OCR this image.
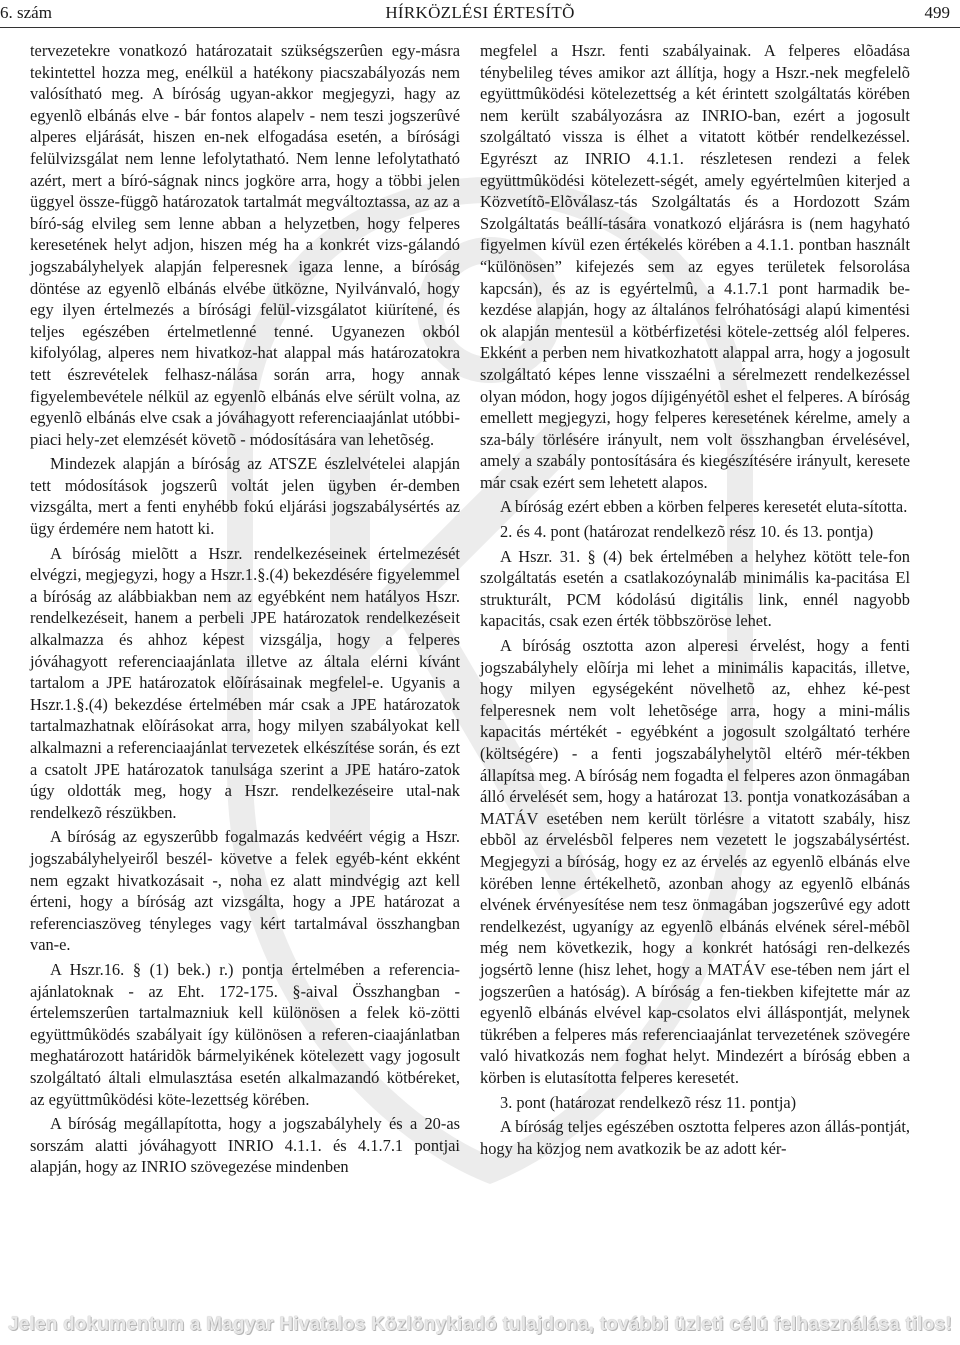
6. szám	HÍRKÖZLÉSI ÉRTESÍTÕ	499

tervezetekre vonatkozó határozatait szükségszerûen egy-másra tekintettel hozza meg, enélkül a hatékony piacszabályozás nem valósítható meg. A bíróság ugyan-akkor megjegyzi, hagy az egyenlõ elbánás elve - bár fontos alapelv - nem teszi jogszerûvé alperes eljárását, hiszen en-nek elfogadása esetén, a bírósági felülvizsgálat nem lenne lefolytatható. Nem lenne lefolytatható azért, mert a bíró-ságnak nincs jogköre arra, hogy a többi jelen üggyel össze-függõ határozatok tartalmát megváltoztassa, az az a bíró-ság elvileg sem lenne abban a helyzetben, hogy felperes keresetének helyt adjon, hiszen még ha a konkrét vizs-gálandó jogszabályhelyek alapján felperesnek igaza lenne, a bíróság döntése az egyenlõ elbánás elvébe ütközne, Nyilvánvaló, hogy egy ilyen értelmezés a bírósági felül-vizsgálatot kiürítené, és teljes egészében értelmetlenné tenné. Ugyanezen okból kifolyólag, alperes nem hivatkoz-hat alappal más határozatokra tett észrevételek felhasz-nálása során arra, hogy annak figyelembevétele nélkül az egyenlõ elbánás elve sérült volna, az egyenlõ elbánás elve csak a jóváhagyott referenciaajánlat utóbbi- piaci hely-zet elemzését követõ - módosítására van lehetõség.

Mindezek alapján a bíróság az ATSZE észlelvételei alapján tett módosítások jogszerû voltát jelen ügyben ér-demben vizsgálta, mert a fenti enyhébb fokú eljárási jogszabálysértés az ügy érdemére nem hatott ki.

A bíróság mielõtt a Hszr. rendelkezéseinek értelmezését elvégzi, megjegyzi, hogy a Hszr.1.§.(4) bekezdésére figyelemmel a bíróság az alábbiakban nem az egyébként nem hatályos Hszr. rendelkezéseit, hanem a perbeli JPE határozatok rendelkezéseit alkalmazza és ahhoz képest vizsgálja, hogy a felperes jóváhagyott referenciaajánlata illetve az általa elérni kívánt tartalom a JPE határozatok elõírásainak megfelel-e. Ugyanis a Hszr.1.§.(4) bekezdése értelmében már csak a JPE határozatok tartalmazhatnak elõírásokat arra, hogy milyen szabályokat kell alkalmazni a referenciaajánlat tervezetek elkészítése során, és ezt a csatolt JPE határozatok tanulsága szerint a JPE határo-zatok úgy oldották meg, hogy a Hszr. rendelkezéseire utal-nak rendelkezõ részükben.

A bíróság az egyszerûbb fogalmazás kedvéért végig a Hszr. jogszabályhelyeiről beszél- követve a felek egyéb-ként ekként nem egzakt hivatkozásait -, noha ez alatt mindvégig azt kell érteni, hogy a bíróság azt vizsgálta, hogy a JPE határozat a referenciaszöveg tényleges vagy kért tartalmával összhangban van-e.

A Hszr.16. § (1) bek.) r.) pontja értelmében a referencia-ajánlatoknak - az Eht. 172-175. §-aival Összhangban - értelemszerûen tartalmazniuk kell különösen a felek kö-zötti együttmûködés szabályait így különösen a referen-ciaajánlatban meghatározott határidõk bármelyikének kötelezett vagy jogosult szolgáltató általi elmulasztása esetén alkalmazandó kötbéreket, az együttmûködési köte-lezettség körében.

A bíróság megállapította, hogy a jogszabályhely és a 20-as sorszám alatti jóváhagyott INRIO 4.1.1. és 4.1.7.1 pontjai alapján, hogy az INRIO szövegezése mindenben

megfelel a Hszr. fenti szabályainak. A felperes elõadása ténybelileg téves amikor azt állítja, hogy a Hszr.-nek megfelelõ együttmûködési kötelezettség a két érintett szolgáltatás körében nem került szabályozásra az INRIO-ban, ezért a jogosult szolgáltató vissza is élhet a vitatott kötbér rendelkezéssel. Egyrészt az INRIO 4.1.1. részletesen rendezi a felek együttmûködési kötelezett-ségét, amely egyértelmûen kiterjed a Közvetítõ-Elõválasz-tás Szolgáltatás és a Hordozott Szám Szolgáltatás beállí-tására vonatkozó eljárásra is (nem hagyható figyelmen kívül ezen értékelés körében a 4.1.1. pontban használt “különösen” kifejezés sem az egyes területek felsorolása kapcsán), és az is egyértelmû, a 4.1.7.1 pont harmadik be-kezdése alapján, hogy az általános felróhatósági alapú kimentési ok alapján mentesül a kötbérfizetési kötele-zettség alól felperes. Ekként a perben nem hivatkozhatott alappal arra, hogy a jogosult szolgáltató képes lenne visszaélni a sérelmezett rendelkezéssel olyan módon, hogy jogos díjigényétõl eshet el felperes. A bíróság emellett megjegyzi, hogy felperes keresetének kérelme, amely a sza-bály törlésére irányult, nem volt összhangban érvelésével, amely a szabály pontosítására és kiegészítésére irányult, keresete már csak ezért sem lehetett alapos.

A bíróság ezért ebben a körben felperes keresetét eluta-sította.

2. és 4. pont (határozat rendelkezõ rész 10. és 13. pontja)

A Hszr. 31. § (4) bek értelmében a helyhez kötött tele-fon szolgáltatás esetén a csatlakozóynaláb minimális ka-pacitása El strukturált, PCM kódolású digitális link, ennél nagyobb kapacitás, csak ezen érték többszöröse lehet.

A bíróság osztotta azon alperesi érvelést, hogy a fenti jogszabályhely elõírja mi lehet a minimális kapacitás, illetve, hogy milyen egységeként növelhetõ az, ehhez ké-pest felperesnek nem volt lehetõsége arra, hogy a mini-mális kapacitás mértékét - egyébként a jogosult szolgáltató terhére (költségére) - a fenti jogszabályhelytõl eltérõ mér-tékben állapítsa meg. A bíróság nem fogadta el felperes azon önmagában álló érvelését sem, hogy a határozat 13. pontja vonatkozásában a MATÁV esetében nem került törlésre a vitatott szabály, hisz ebbõl az érvelésbõl felperes nem vezetett le jogszabálysértést. Megjegyzi a bíróság, hogy ez az érvelés az egyenlõ elbánás elve körében lenne értékelhetõ, azonban ahogy az egyenlõ elbánás elvének érvényesítése nem tesz önmagában jogszerûvé egy adott rendelkezést, ugyanígy az egyenlõ elbánás elvének sérel-mébõl még nem következik, hogy a konkrét hatósági ren-delkezés jogsértõ lenne (hisz lehet, hogy a MATÁV ese-tében nem járt el jogszerûen a hatóság). A bíróság a fen-tiekben kifejtette már az egyenlõ elbánás elvével kap-csolatos elvi álláspontját, melynek tükrében a felperes más referenciaajánlat tervezetének szövegére való hivatkozás nem foghat helyt. Mindezért a bíróság ebben a körben is elutasította felperes keresetét.

3. pont (határozat rendelkezõ rész 11. pontja)

A bíróság teljes egészében osztotta felperes azon állás-pontját, hogy ha közjog nem avatkozik be az adott kér-

Jelen dokumentum a Magyar Hivatalos Közlönykiadó tulajdona, további üzleti célú felhasználása tilos!
